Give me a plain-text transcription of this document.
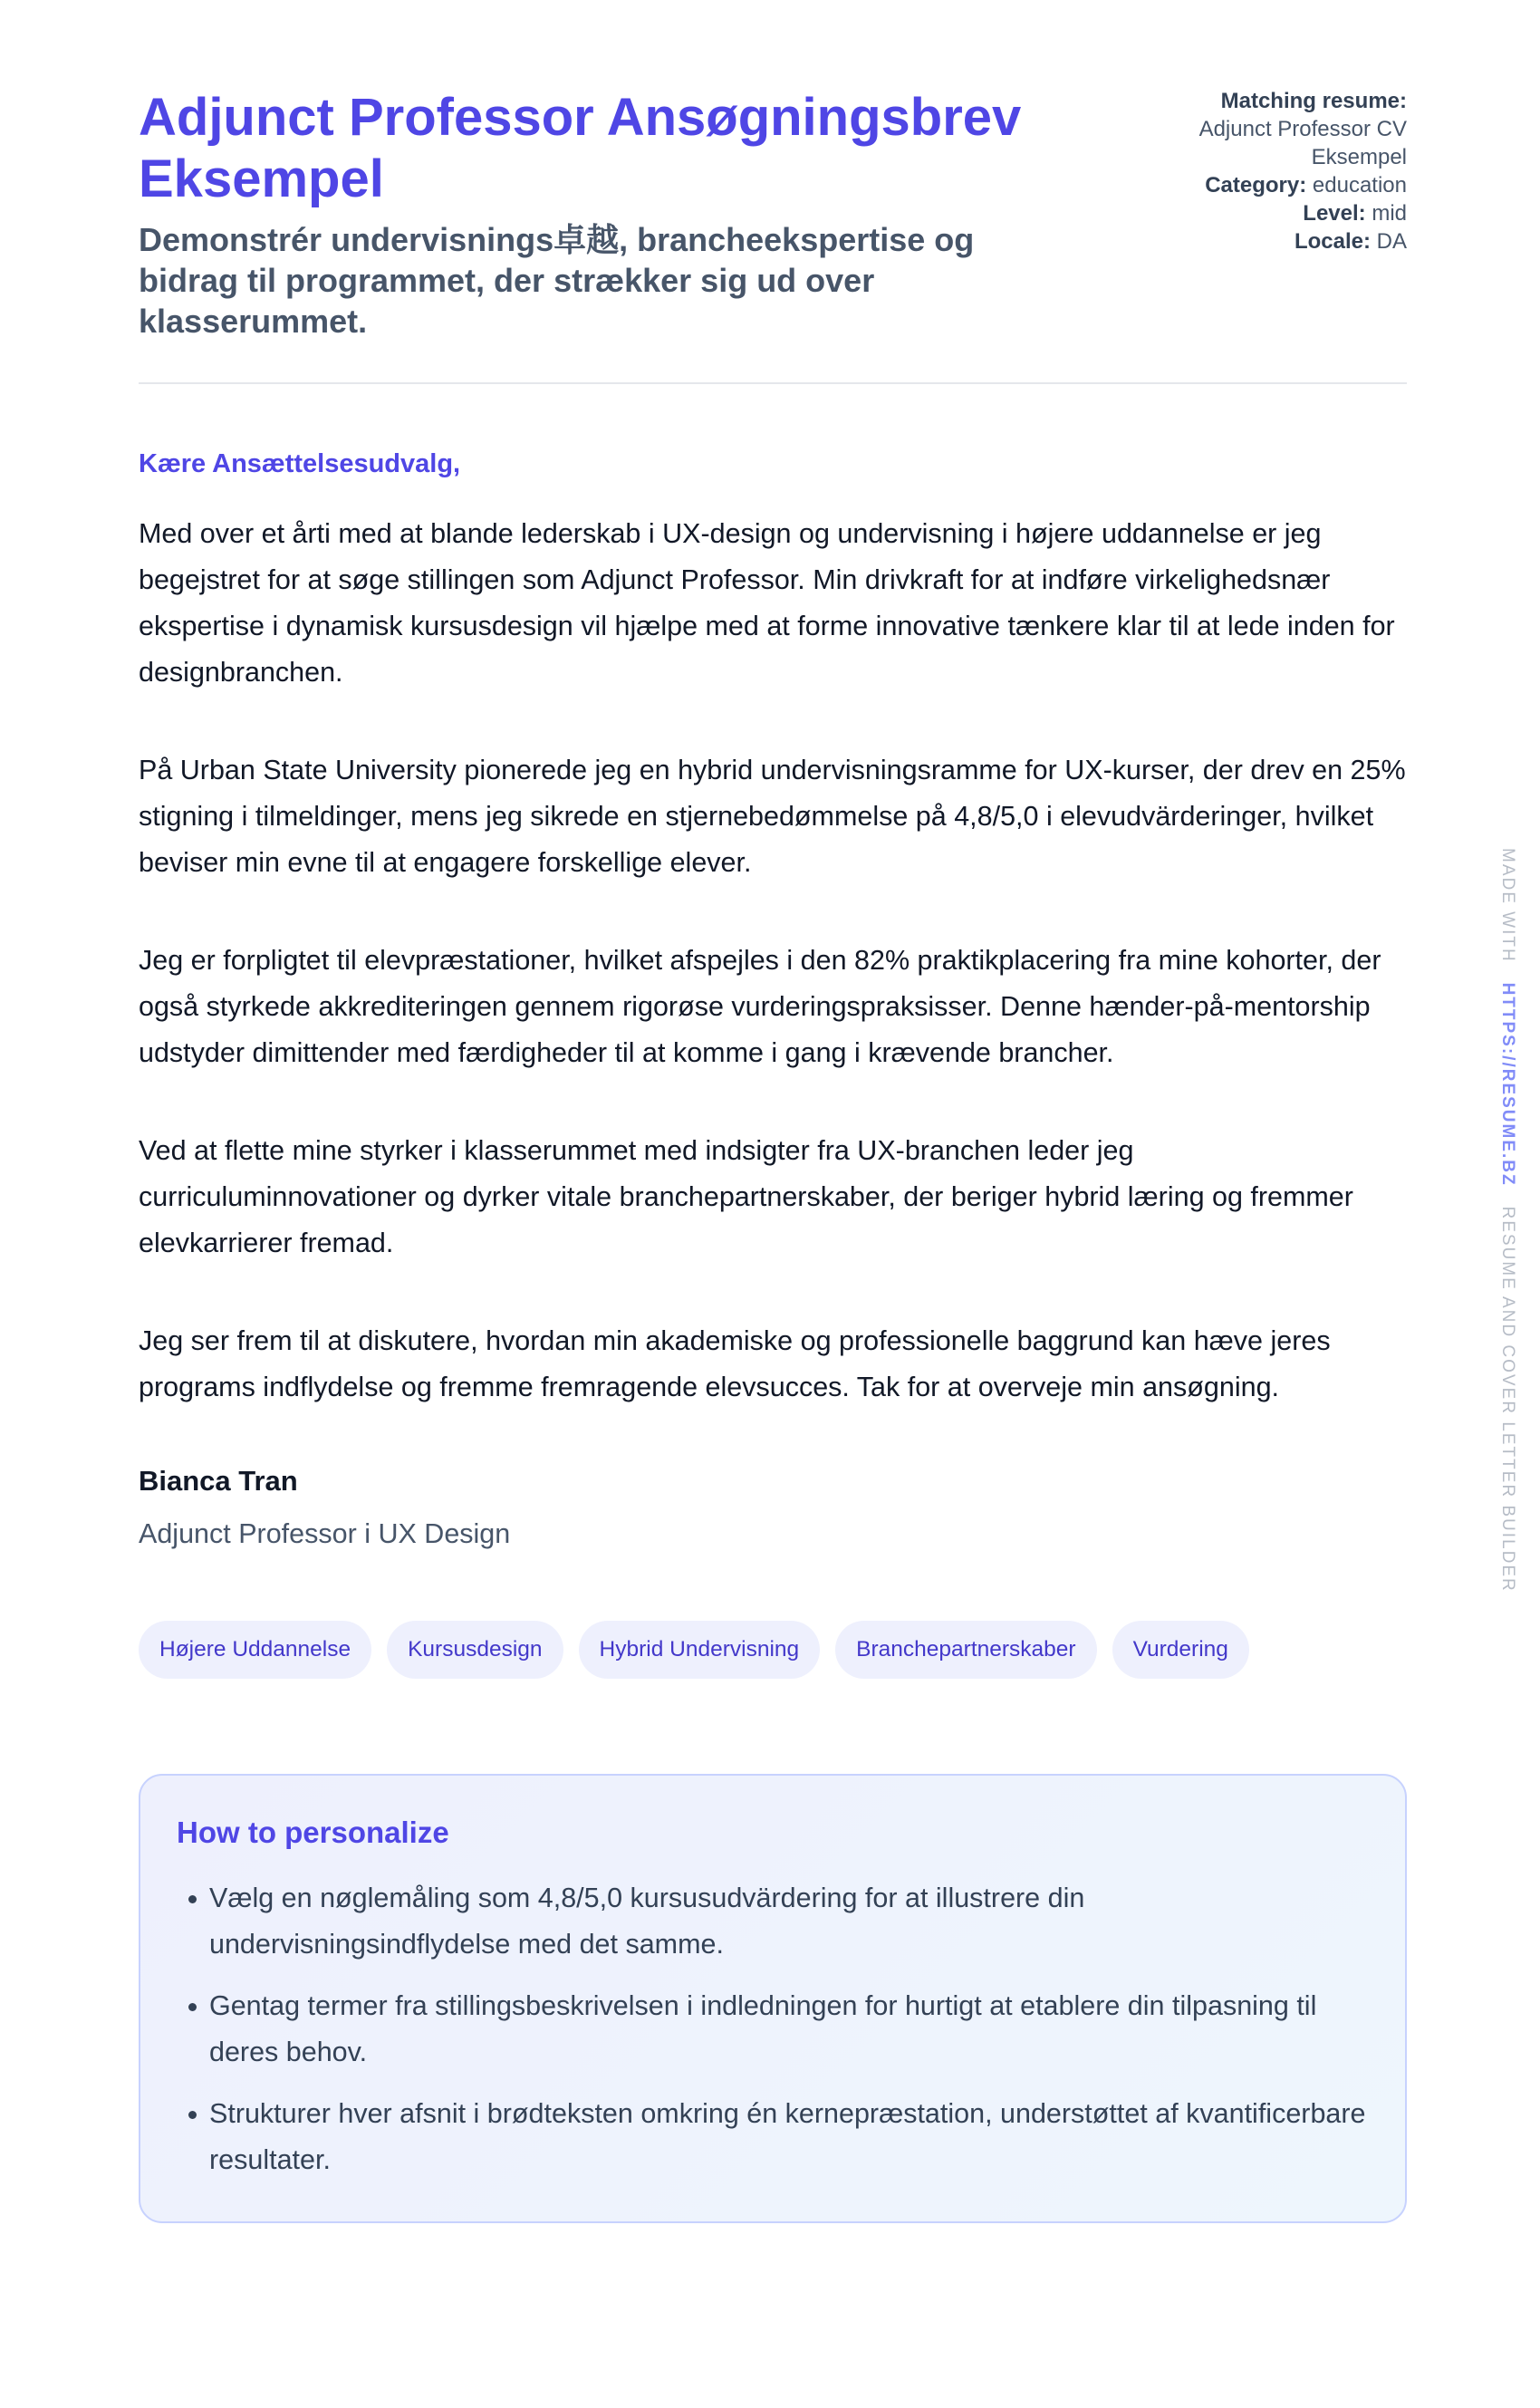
Adjunct Professor Ansøgningsbrev Eksempel

Demonstrér undervisnings卓越, brancheekspertise og bidrag til programmet, der strækker sig ud over klasserummet.

Matching resume:
Adjunct Professor CV Eksempel
Category: education
Level: mid
Locale: DA

Kære Ansættelsesudvalg,

Med over et årti med at blande lederskab i UX-design og undervisning i højere uddannelse er jeg begejstret for at søge stillingen som Adjunct Professor. Min drivkraft for at indføre virkelighedsnær ekspertise i dynamisk kursusdesign vil hjælpe med at forme innovative tænkere klar til at lede inden for designbranchen.

På Urban State University pionerede jeg en hybrid undervisningsramme for UX-kurser, der drev en 25% stigning i tilmeldinger, mens jeg sikrede en stjernebedømmelse på 4,8/5,0 i elevudvärderinger, hvilket beviser min evne til at engagere forskellige elever.

Jeg er forpligtet til elevpræstationer, hvilket afspejles i den 82% praktikplacering fra mine kohorter, der også styrkede akkrediteringen gennem rigorøse vurderingspraksisser. Denne hænder-på-mentorship udstyder dimittender med færdigheder til at komme i gang i krævende brancher.

Ved at flette mine styrker i klasserummet med indsigter fra UX-branchen leder jeg curriculuminnovationer og dyrker vitale branchepartnerskaber, der beriger hybrid læring og fremmer elevkarrierer fremad.

Jeg ser frem til at diskutere, hvordan min akademiske og professionelle baggrund kan hæve jeres programs indflydelse og fremme fremragende elevsucces. Tak for at overveje min ansøgning.

Bianca Tran

Adjunct Professor i UX Design

Højere Uddannelse	Kursusdesign	Hybrid Undervisning	Branchepartnerskaber	Vurdering
How to personalize
Vælg en nøglemåling som 4,8/5,0 kursusudvärdering for at illustrere din undervisningsindflydelse med det samme.
Gentag termer fra stillingsbeskrivelsen i indledningen for hurtigt at etablere din tilpasning til deres behov.
Strukturer hver afsnit i brødteksten omkring én kernepræstation, understøttet af kvantificerbare resultater.
MADE WITH   HTTPS://RESUME.BZ   RESUME AND COVER LETTER BUILDER
